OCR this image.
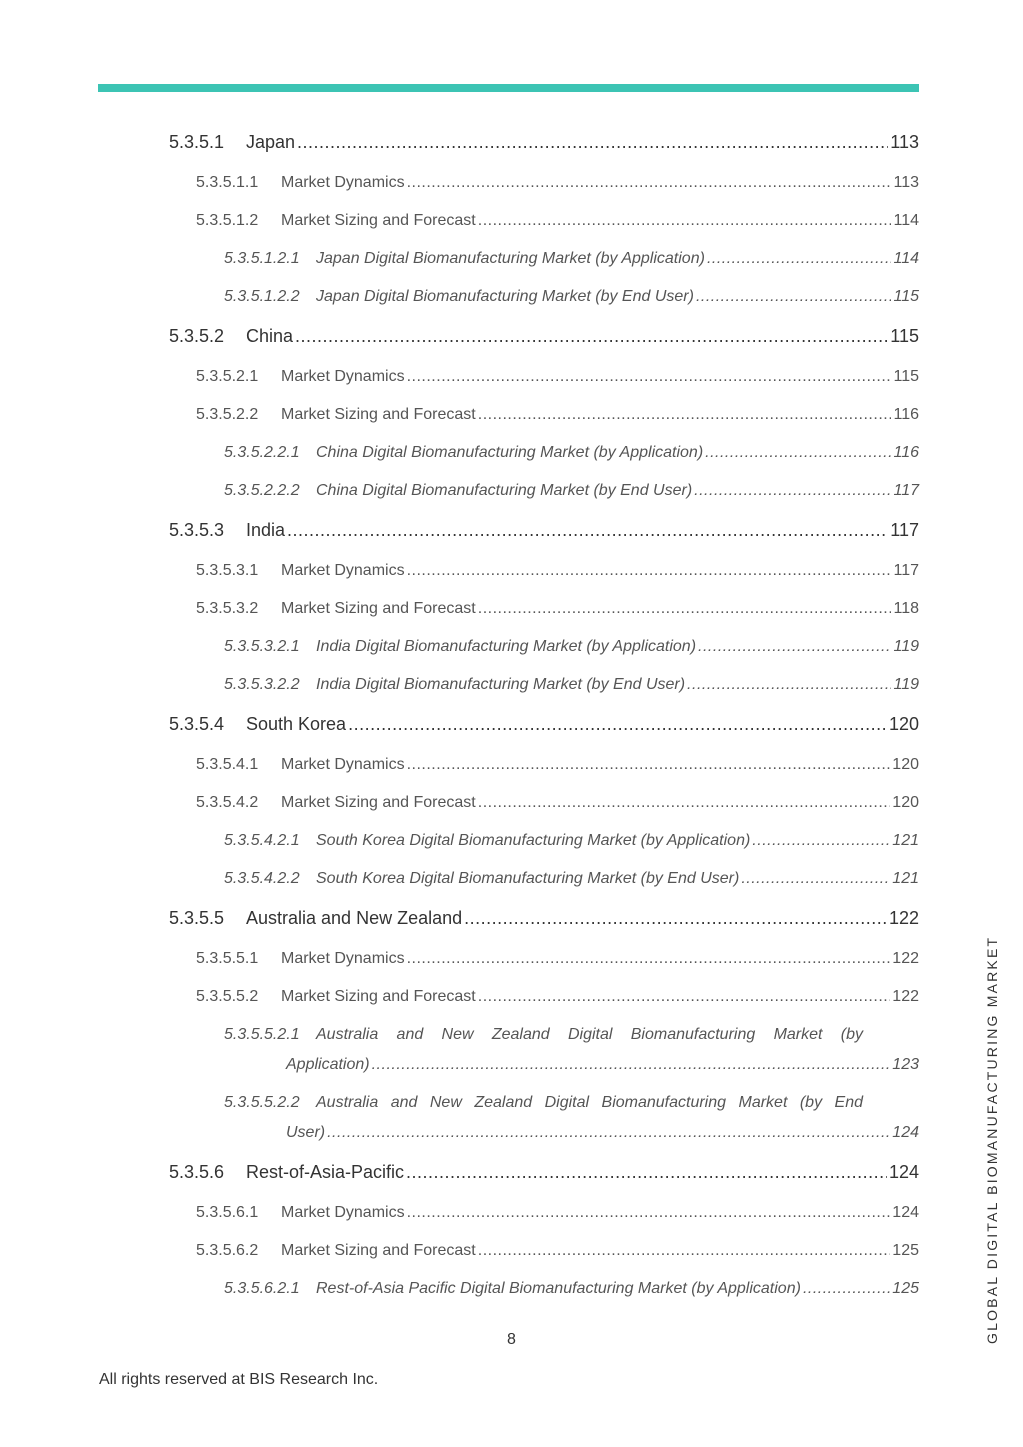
5.3.5.1	Japan .....	113
5.3.5.1.1	Market Dynamics .....	113
5.3.5.1.2	Market Sizing and Forecast .....	114
5.3.5.1.2.1	Japan Digital Biomanufacturing Market (by Application) .....	114
5.3.5.1.2.2	Japan Digital Biomanufacturing Market (by End User) .....	115
5.3.5.2	China .....	115
5.3.5.2.1	Market Dynamics .....	115
5.3.5.2.2	Market Sizing and Forecast .....	116
5.3.5.2.2.1	China Digital Biomanufacturing Market (by Application) .....	116
5.3.5.2.2.2	China Digital Biomanufacturing Market (by End User) .....	117
5.3.5.3	India .....	117
5.3.5.3.1	Market Dynamics .....	117
5.3.5.3.2	Market Sizing and Forecast .....	118
5.3.5.3.2.1	India Digital Biomanufacturing Market (by Application) .....	119
5.3.5.3.2.2	India Digital Biomanufacturing Market (by End User) .....	119
5.3.5.4	South Korea .....	120
5.3.5.4.1	Market Dynamics .....	120
5.3.5.4.2	Market Sizing and Forecast .....	120
5.3.5.4.2.1	South Korea Digital Biomanufacturing Market (by Application) .....	121
5.3.5.4.2.2	South Korea Digital Biomanufacturing Market (by End User) .....	121
5.3.5.5	Australia and New Zealand .....	122
5.3.5.5.1	Market Dynamics .....	122
5.3.5.5.2	Market Sizing and Forecast .....	122
5.3.5.5.2.1	Australia and New Zealand Digital Biomanufacturing Market (by
Application) .....	123
5.3.5.5.2.2	Australia and New Zealand Digital Biomanufacturing Market (by End
User) .....	124
5.3.5.6	Rest-of-Asia-Pacific .....	124
5.3.5.6.1	Market Dynamics .....	124
5.3.5.6.2	Market Sizing and Forecast .....	125
5.3.5.6.2.1	Rest-of-Asia Pacific Digital Biomanufacturing Market (by Application) .....	125
8
All rights reserved at BIS Research Inc.
GLOBAL DIGITAL BIOMANUFACTURING MARKET
